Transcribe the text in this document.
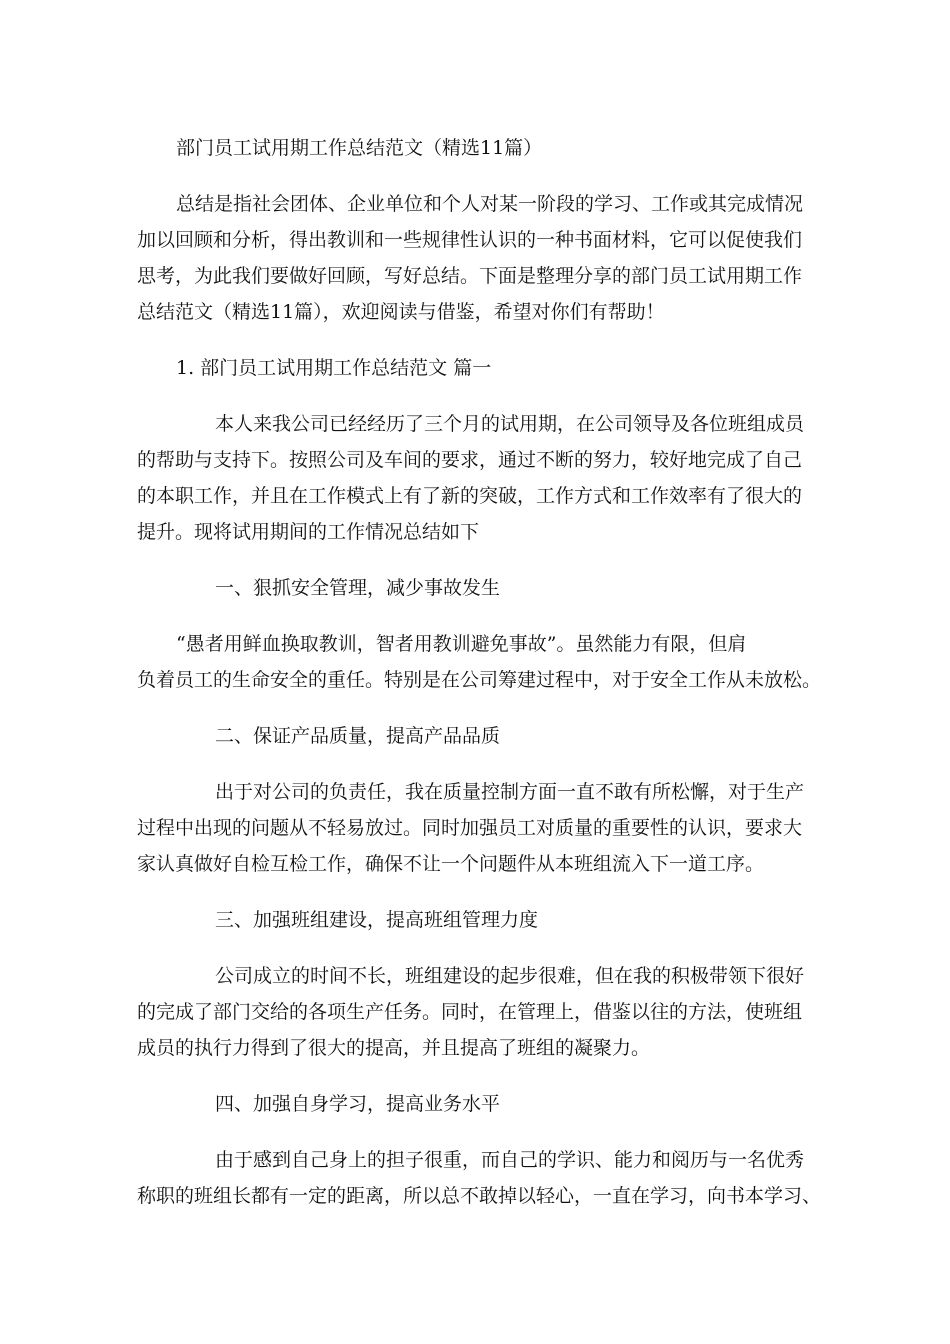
部门员工试用期工作总结范文（精选11篇）
总结是指社会团体、企业单位和个人对某一阶段的学习、工作或其完成情况
加以回顾和分析，得出教训和一些规律性认识的一种书面材料，它可以促使我们
思考，为此我们要做好回顾，写好总结。下面是整理分享的部门员工试用期工作
总结范文（精选11篇），欢迎阅读与借鉴，希望对你们有帮助！
1. 部门员工试用期工作总结范文 篇一
本人来我公司已经经历了三个月的试用期，在公司领导及各位班组成员
的帮助与支持下。按照公司及车间的要求，通过不断的努力，较好地完成了自己
的本职工作，并且在工作模式上有了新的突破，工作方式和工作效率有了很大的
提升。现将试用期间的工作情况总结如下
一、狠抓安全管理，减少事故发生
“愚者用鲜血换取教训，智者用教训避免事故”。虽然能力有限，但肩
负着员工的生命安全的重任。特别是在公司筹建过程中，对于安全工作从未放松。
二、保证产品质量，提高产品品质
出于对公司的负责任，我在质量控制方面一直不敢有所松懈，对于生产
过程中出现的问题从不轻易放过。同时加强员工对质量的重要性的认识，要求大
家认真做好自检互检工作，确保不让一个问题件从本班组流入下一道工序。
三、加强班组建设，提高班组管理力度
公司成立的时间不长，班组建设的起步很难，但在我的积极带领下很好
的完成了部门交给的各项生产任务。同时，在管理上，借鉴以往的方法，使班组
成员的执行力得到了很大的提高，并且提高了班组的凝聚力。
四、加强自身学习，提高业务水平
由于感到自己身上的担子很重，而自己的学识、能力和阅历与一名优秀
称职的班组长都有一定的距离，所以总不敢掉以轻心，一直在学习，向书本学习、
